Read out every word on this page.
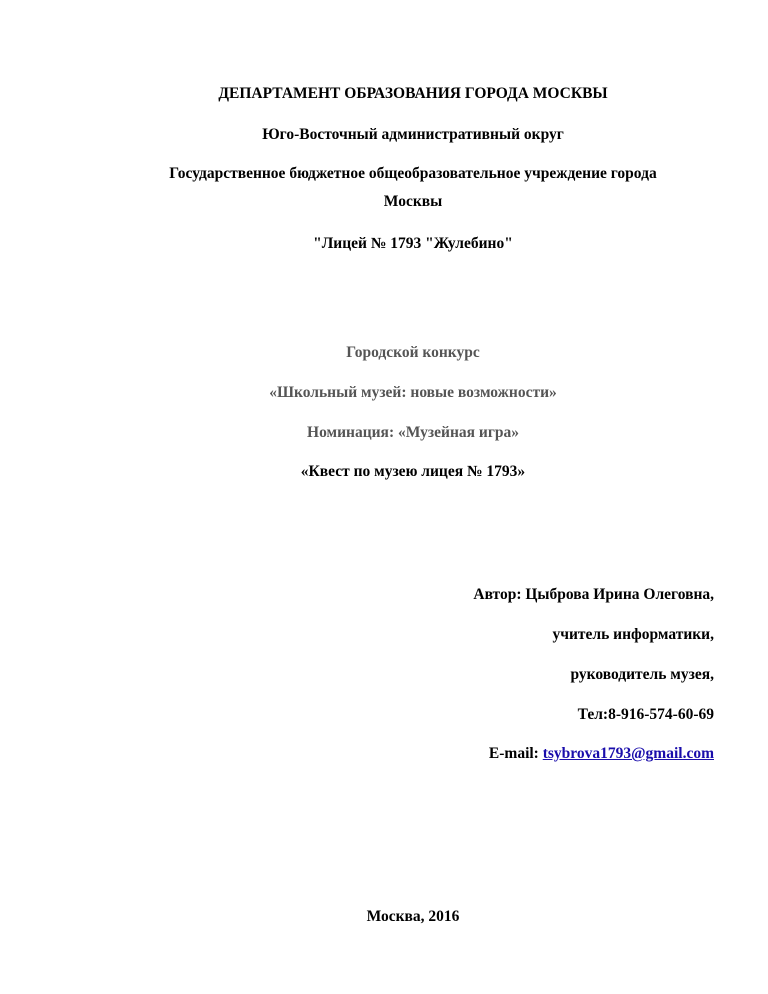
ДЕПАРТАМЕНТ ОБРАЗОВАНИЯ ГОРОДА МОСКВЫ
Юго-Восточный административный округ
Государственное бюджетное общеобразовательное учреждение города
Москвы
"Лицей № 1793 "Жулебино"
Городской конкурс
«Школьный музей: новые возможности»
Номинация: «Музейная игра»
«Квест по музею лицея № 1793»
Автор: Цыброва Ирина Олеговна,
учитель информатики,
руководитель музея,
Тел:8-916-574-60-69
E-mail: tsybrova1793@gmail.com
Москва, 2016
